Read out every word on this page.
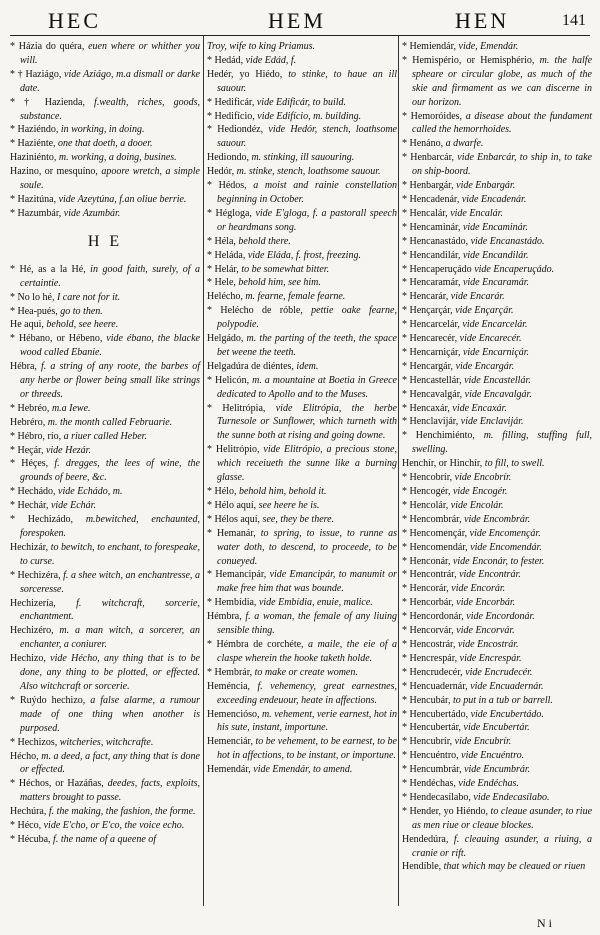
HEC	HEM	HEN	141

* Házia do quéra, euen where or whither you will.

* † Haziágo, vide Aziágo, m.a dismall or darke date.

* † Hazienda, f.wealth, riches, goods, substance.

* Haziéndo, in working, in doing.

* Haziénte, one that doeth, a dooer.

Haziniénto, m. working, a doing, busines.

Hazino, or mesquíno, apoore wretch, a simple soule.

* Hazitúna, vide Azeytúna, f.an oliue berrie.

* Hazumbár, vide Azumbár.

H E

* Hé, as a la Hé, in good faith, surely, of a certaintie.

* No lo hé, I care not for it.

* Hea-pués, go to then.

He aqui, behold, see heere.

* Hébano, or Hébeno, vide ébano, the blacke wood called Ebanie.

Hébra, f. a string of any roote, the barbes of any herbe or flower being small like strings or threeds.

* Hebréo, m.a Iewe.

Hebréro, m. the month called Februarie.

* Hébro, río, a riuer called Heber.

* Heçár, vide Hezár.

* Héçes, f. dregges, the lees of wine, the grounds of beere, &c.

* Hechádo, vide Echádo, m.

* Hechár, vide Echár.

* Hechizádo, m.bewitched, enchaunted, forespoken.

Hechizár, to bewitch, to enchant, to forespeake, to curse.

* Hechizéra, f. a shee witch, an enchantresse, a sorceresse.

Hechizería, f. witchcraft, sorcerie, enchantment.

Hechizéro, m. a man witch, a sorcerer, an enchanter, a coniurer.

Hechizo, vide Hécho, any thing that is to be done, any thing to be plotted, or effected. Also witchcraft or sorcerie.

* Ruýdo hechizo, a false alarme, a rumour made of one thing when another is purposed.

* Hechizos, witcheries, witchcrafte.

Hécho, m. a deed, a fact, any thing that is done or effected.

* Héchos, or Hazáñas, deedes, facts, exploits, matters brought to passe.

Hechúra, f. the making, the fashion, the forme.

* Héco, vide E'cho, or E'co, the voice echo.

* Hécuba, f. the name of a queene of

Troy, wife to king Priamus.

* Hedád, vide Edád, f.

Hedér, yo Hiédo, to stinke, to haue an ill sauour.

* Hedificár, vide Edificár, to build.

* Hedifício, vide Edifício, m. building.

* Hediondéz, vide Hedór, stench, loathsome sauour.

Hediondo, m. stinking, ill sauouring.

Hedór, m. stinke, stench, loathsome sauour.

* Hédos, a moist and rainie constellation beginning in October.

* Hégloga, vide E'gloga, f. a pastorall speech or heardmans song.

* Héla, behold there.

* Heláda, vide Eláda, f. frost, freezing.

* Helár, to be somewhat bitter.

* Hele, behold him, see him.

Helécho, m. fearne, female fearne.

* Helécho de róble, pettie oake fearne, polypodie.

Helgádo, m. the parting of the teeth, the space bet weene the teeth.

Helgadúra de diéntes, idem.

* Helicón, m. a mountaine at Boetia in Greece dedicated to Apollo and to the Muses.

* Helitrópia, vide Elitrópia, the herbe Turnesole or Sunflower, which turneth with the sunne both at rising and going downe.

* Helitrópio, vide Elitrópio, a precious stone, which receiueth the sunne like a burning glasse.

* Hélo, behold him, behold it.

* Hélo aquí, see heere he is.

* Hélos aquí, see, they be there.

* Hemanár, to spring, to issue, to runne as water doth, to descend, to proceede, to be conueyed.

* Hemancipár, vide Emancipár, to manumit or make free him that was bounde.

* Hembídia, vide Embídia, enuie, malice.

Hémbra, f. a woman, the female of any liuing sensible thing.

* Hémbra de corchéte, a maile, the eie of a claspe wherein the hooke taketh holde.

* Hembrár, to make or create women.

Heméncia, f. vehemency, great earnestnes, exceeding endeuour, heate in affections.

Hemencióso, m. vehement, verie earnest, hot in his sute, instant, importune.

Hemenciár, to be vehement, to be earnest, to be hot in affections, to be instant, or importune.

Hemendár, vide Emendár, to amend.

* Hemiendár, vide, Emendár.

* Hemispério, or Hemisphério, m. the halfe spheare or circular globe, as much of the skie and firmament as we can discerne in our horizon.

* Hemoróides, a disease about the fundament called the hemorrhoides.

* Henáno, a dwarfe.

* Henbarcár, vide Enbarcár, to ship in, to take on ship-boord.

* Henbargár, vide Enbargár.

* Hencadenár, vide Encadenár.

* Hencalár, vide Encalár.

* Hencaminár, vide Encaminár.

* Hencanastádo, vide Encanastádo.

* Hencandilár, vide Encandilár.

* Hencaperuçádo vide Encaperuçádo.

* Hencaramár, vide Encaramár.

* Hencarár, vide Encarár.

* Hençarçár, vide Ençarçár.

* Hencarcelár, vide Encarcelár.

* Hencarecér, vide Encarecér.

* Hencarniçár, vide Encarniçár.

* Hencargár, vide Encargár.

* Hencastellár, vide Encastellár.

* Hencavalgár, vide Encavalgár.

* Hencaxár, vide Encaxár.

* Henclavijár, vide Enclavijár.

* Henchimiénto, m. filling, stuffing full, swelling.

Henchír, or Hinchír, to fill, to swell.

* Hencobrír, vide Encobrír.

* Hencogér, vide Encogér.

* Hencolár, vide Encolár.

* Hencombrár, vide Encombrár.

* Hencomençár, vide Encomençár.

* Hencomendár, vide Encomendár.

* Henconár, vide Enconár, to fester.

* Hencontrár, vide Encontrár.

* Hencorár, vide Encorár.

* Hencorbár, vide Encorbár.

* Hencordonár, vide Encordonár.

* Hencorvár, vide Encorvár.

* Hencostrár, vide Encostrár.

* Hencrespár, vide Encrespár.

* Hencrudecér, vide Encrudecér.

* Hencuadernár, vide Encuadernár.

* Hencubár, to put in a tub or barrell.

* Hencubertádo, vide Encubertádo.

* Hencubertár, vide Encubertár.

* Hencubrír, vide Encubrír.

* Hencuéntro, vide Encuéntro.

* Hencumbrár, vide Encumbrár.

* Hendéchas, vide Endéchas.

* Hendecasílabo, vide Endecasílabo.

* Hender, yo Hiéndo, to cleaue asunder, to riue as men riue or cleaue blockes.

Hendedúra, f. cleauing asunder, a riuing, a cranie or rift.

Hendíble, that which may be cleaued or riuen

N i
